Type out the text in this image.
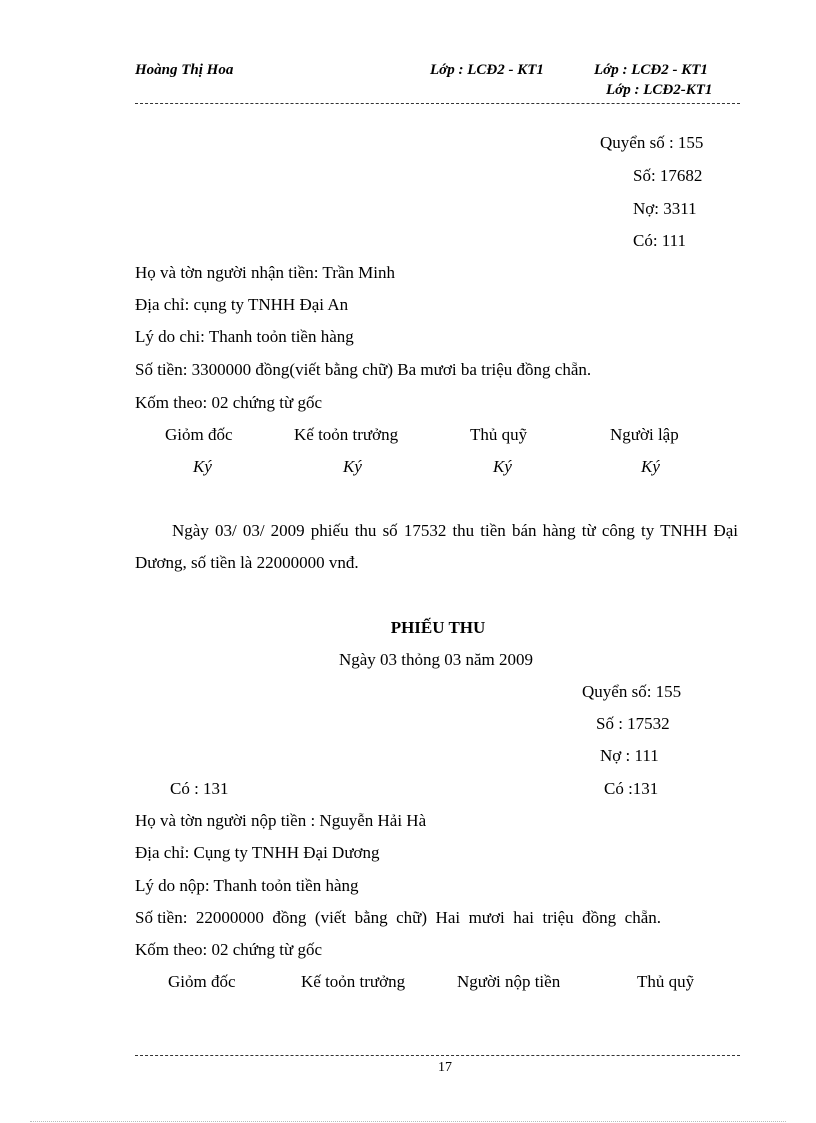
Hoàng Thị Hoa	Lớp : LCĐ2 - KT1	Lớp : LCĐ2 - KT1
Lớp : LCĐ2-KT1
Quyển số : 155
Số: 17682
Nợ: 3311
Có: 111
Họ và tờn người nhận tiền: Trần Minh
Địa chỉ: cụng ty TNHH Đại An
Lý do chi: Thanh toỏn tiền hàng
Số tiền: 3300000 đồng(viết bằng chữ) Ba mươi ba triệu đồng chẵn.
Kốm theo: 02 chứng từ gốc
Giỏm đốc	Kế toỏn trưởng	Thủ quỹ	Người lập
Ký	Ký	Ký	Ký
Ngày 03/ 03/ 2009 phiếu thu số 17532 thu tiền bán hàng từ công ty TNHH Đại Dương, số tiền là 22000000 vnđ.
PHIẾU THU
Ngày 03 thỏng 03 năm 2009
Quyển số: 155
Số : 17532
Nợ : 111
Có : 131	Có :131
Họ và tờn người nộp tiền : Nguyễn Hải Hà
Địa chỉ: Cụng ty TNHH Đại Dương
Lý do nộp: Thanh toỏn tiền hàng
Số tiền:  22000000  đồng  (viết  bằng  chữ)  Hai  mươi  hai  triệu  đồng  chẵn.
Kốm theo: 02 chứng từ gốc
Giỏm đốc	Kế toỏn trưởng	Người nộp tiền	Thủ quỹ
17
